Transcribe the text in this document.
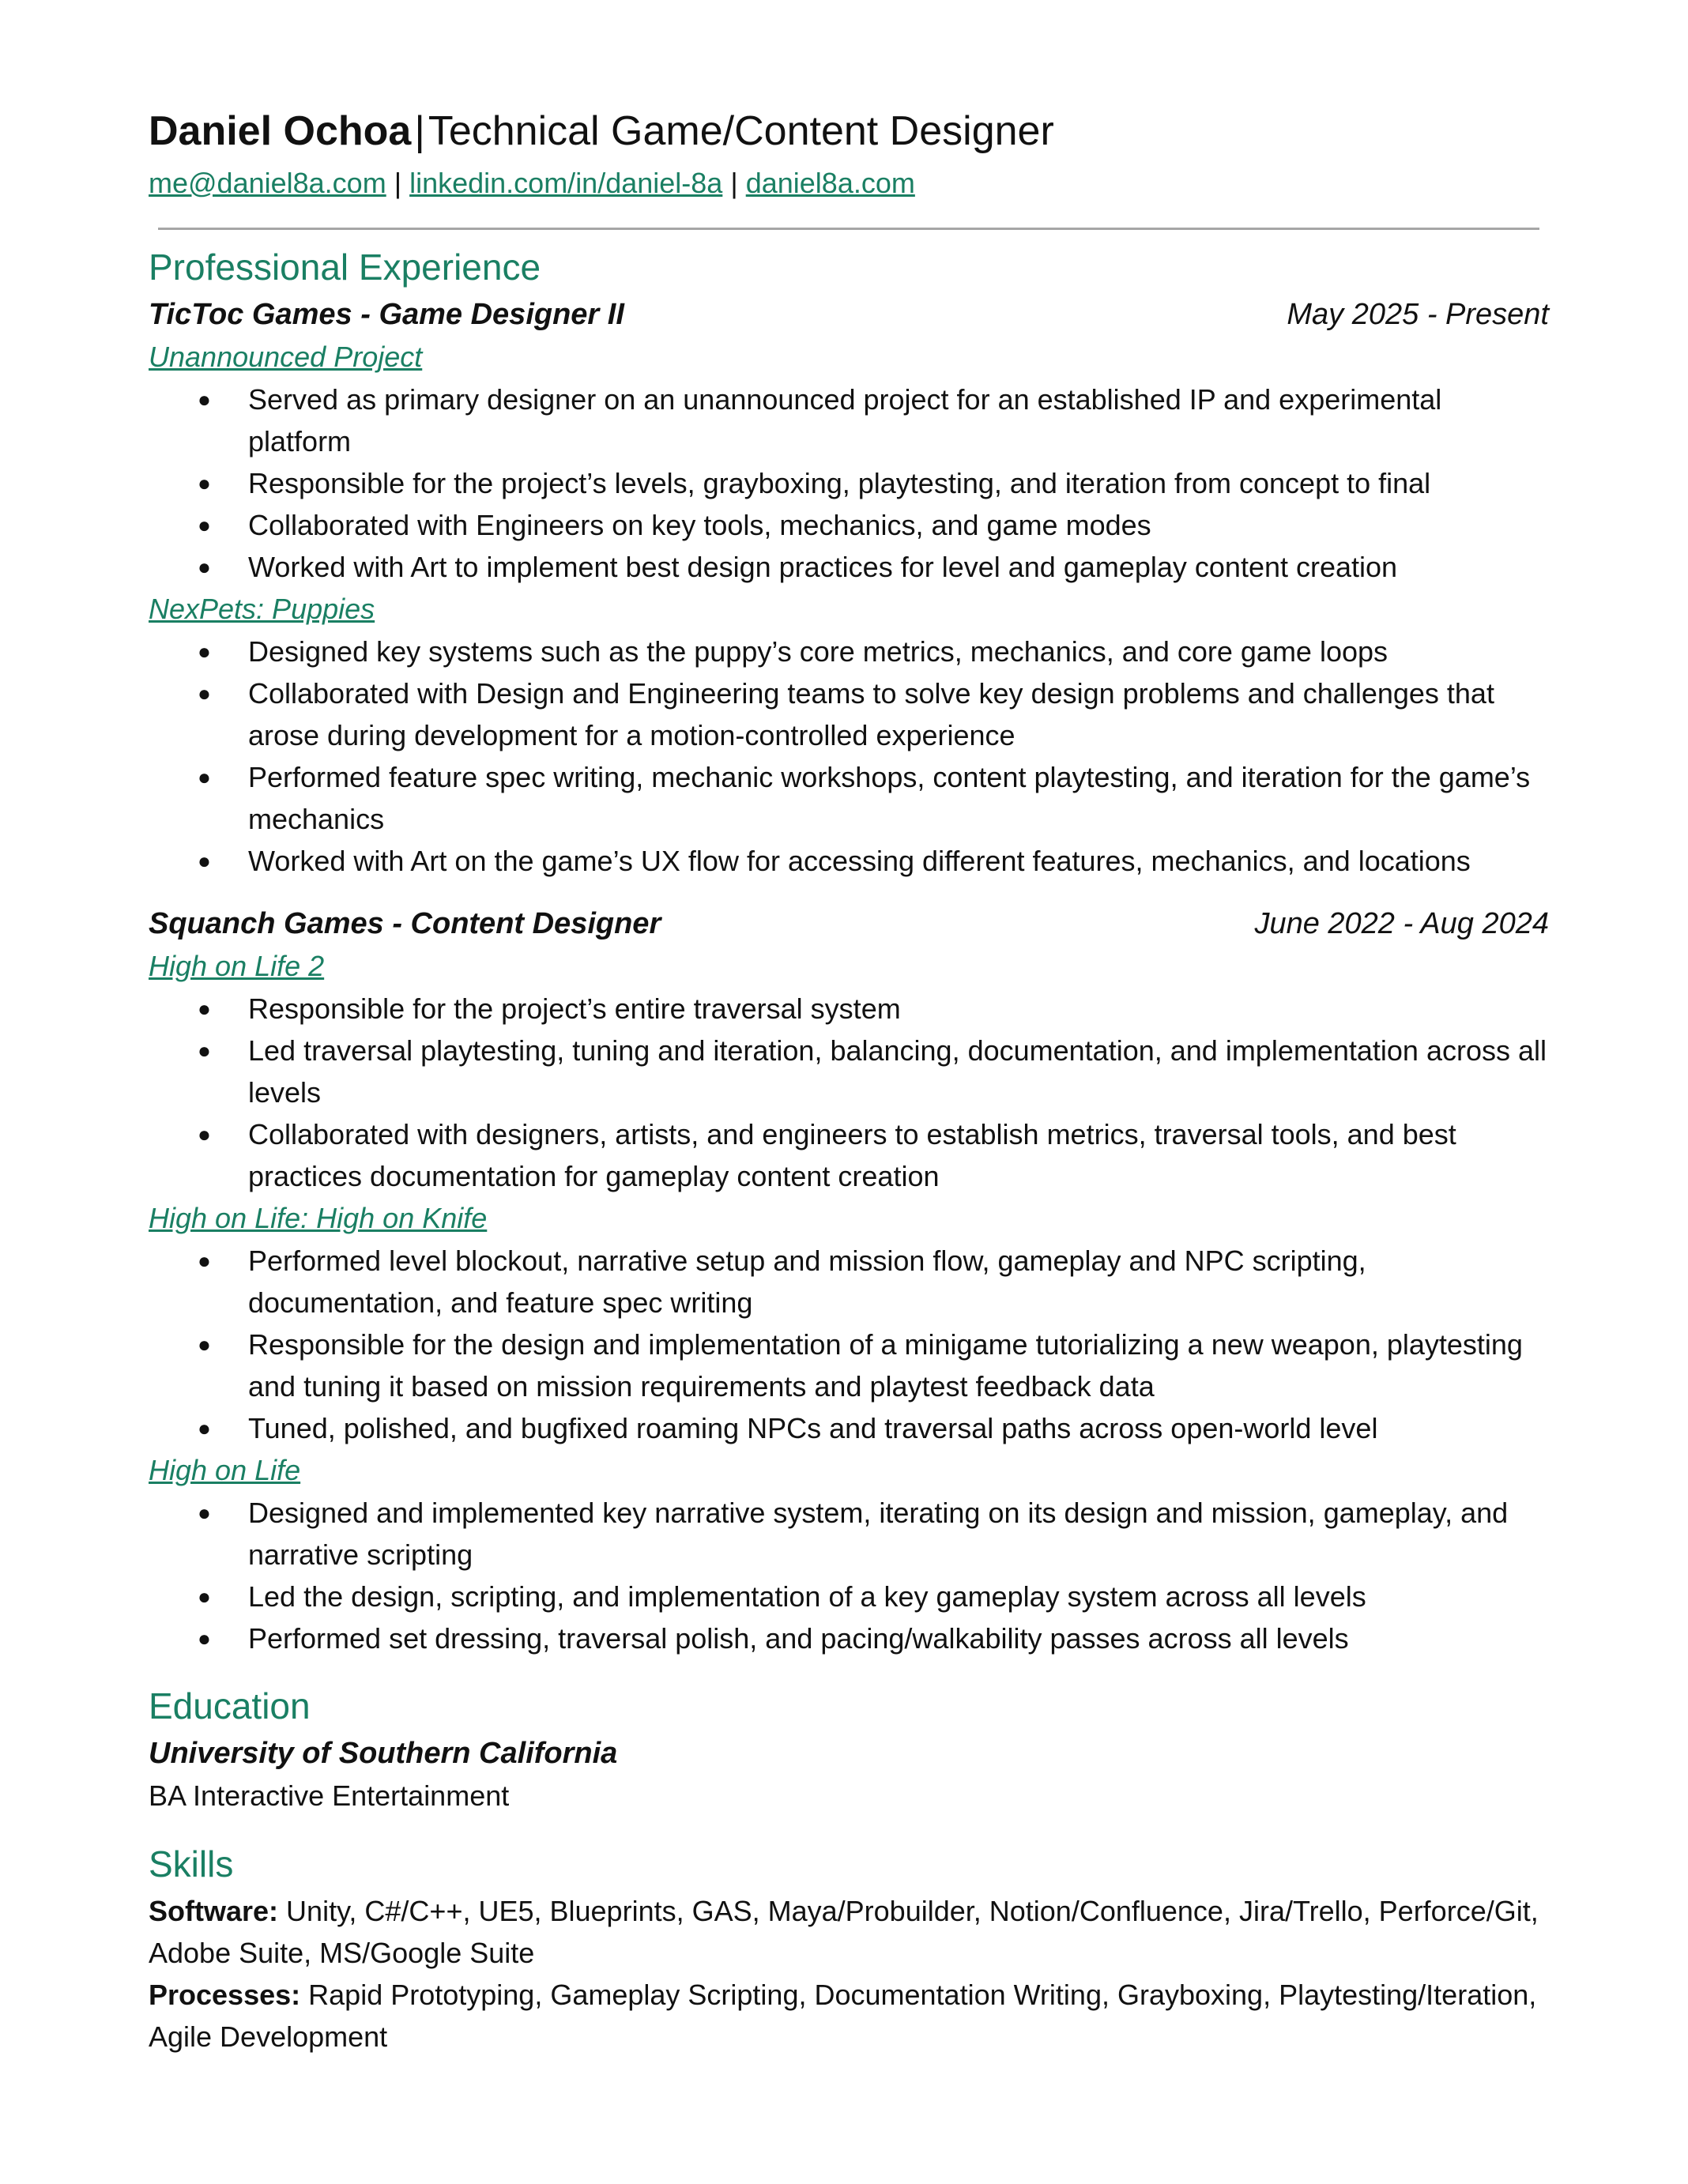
Daniel Ochoa|Technical Game/Content Designer
me@daniel8a.com | linkedin.com/in/daniel-8a | daniel8a.com
Professional Experience
TicToc Games - Game Designer II	May 2025 - Present
Unannounced Project
● Served as primary designer on an unannounced project for an established IP and experimental platform
● Responsible for the project’s levels, grayboxing, playtesting, and iteration from concept to final
● Collaborated with Engineers on key tools, mechanics, and game modes
● Worked with Art to implement best design practices for level and gameplay content creation
NexPets: Puppies
● Designed key systems such as the puppy’s core metrics, mechanics, and core game loops
● Collaborated with Design and Engineering teams to solve key design problems and challenges that arose during development for a motion-controlled experience
● Performed feature spec writing, mechanic workshops, content playtesting, and iteration for the game’s mechanics
● Worked with Art on the game’s UX flow for accessing different features, mechanics, and locations
Squanch Games - Content Designer	June 2022 - Aug 2024
High on Life 2
● Responsible for the project’s entire traversal system
● Led traversal playtesting, tuning and iteration, balancing, documentation, and implementation across all levels
● Collaborated with designers, artists, and engineers to establish metrics, traversal tools, and best practices documentation for gameplay content creation
High on Life: High on Knife
● Performed level blockout, narrative setup and mission flow, gameplay and NPC scripting, documentation, and feature spec writing
● Responsible for the design and implementation of a minigame tutorializing a new weapon, playtesting and tuning it based on mission requirements and playtest feedback data
● Tuned, polished, and bugfixed roaming NPCs and traversal paths across open-world level
High on Life
● Designed and implemented key narrative system, iterating on its design and mission, gameplay, and narrative scripting
● Led the design, scripting, and implementation of a key gameplay system across all levels
● Performed set dressing, traversal polish, and pacing/walkability passes across all levels
Education
University of Southern California
BA Interactive Entertainment
Skills
Software: Unity, C#/C++, UE5, Blueprints, GAS, Maya/Probuilder, Notion/Confluence, Jira/Trello, Perforce/Git, Adobe Suite, MS/Google Suite
Processes: Rapid Prototyping, Gameplay Scripting, Documentation Writing, Grayboxing, Playtesting/Iteration, Agile Development
